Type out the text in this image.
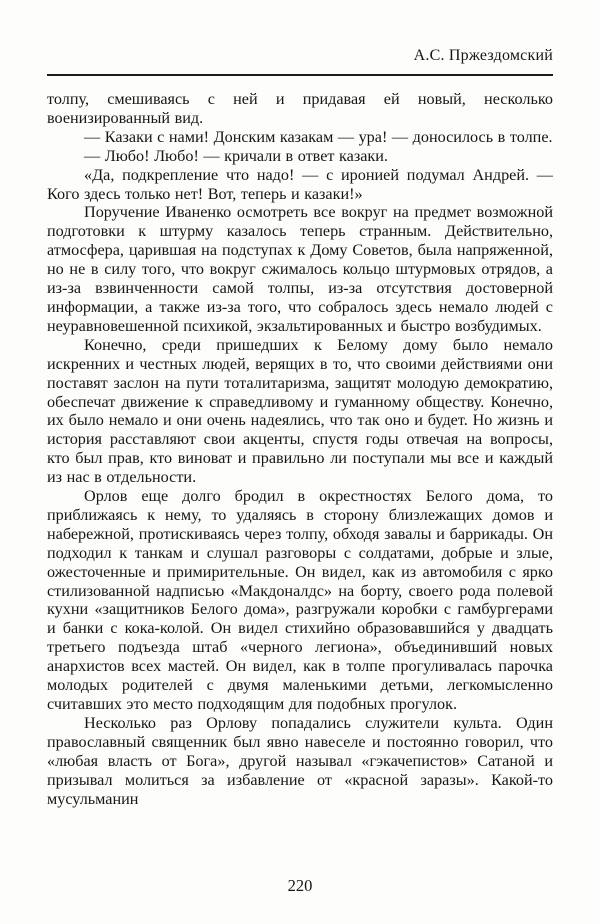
А.С. Пржездомский

толпу, смешиваясь с ней и придавая ей новый, несколько военизированный вид.

— Казаки с нами! Донским казакам — ура! — доносилось в толпе.

— Любо! Любо! — кричали в ответ казаки.

«Да, подкрепление что надо! — с иронией подумал Андрей. — Кого здесь только нет! Вот, теперь и казаки!»

Поручение Иваненко осмотреть все вокруг на предмет возможной подготовки к штурму казалось теперь странным. Действительно, атмосфера, царившая на подступах к Дому Советов, была напряженной, но не в силу того, что вокруг сжималось кольцо штурмовых отрядов, а из-за взвинченности самой толпы, из-за отсутствия достоверной информации, а также из-за того, что собралось здесь немало людей с неуравновешенной психикой, экзальтированных и быстро возбудимых.

Конечно, среди пришедших к Белому дому было немало искренних и честных людей, верящих в то, что своими действиями они поставят заслон на пути тоталитаризма, защитят молодую демократию, обеспечат движение к справедливому и гуманному обществу. Конечно, их было немало и они очень надеялись, что так оно и будет. Но жизнь и история расставляют свои акценты, спустя годы отвечая на вопросы, кто был прав, кто виноват и правильно ли поступали мы все и каждый из нас в отдельности.

Орлов еще долго бродил в окрестностях Белого дома, то приближаясь к нему, то удаляясь в сторону близлежащих домов и набережной, протискиваясь через толпу, обходя завалы и баррикады. Он подходил к танкам и слушал разговоры с солдатами, добрые и злые, ожесточенные и примирительные. Он видел, как из автомобиля с ярко стилизованной надписью «Макдоналдс» на борту, своего рода полевой кухни «защитников Белого дома», разгружали коробки с гамбургерами и банки с кока-колой. Он видел стихийно образовавшийся у двадцать третьего подъезда штаб «черного легиона», объединивший новых анархистов всех мастей. Он видел, как в толпе прогуливалась парочка молодых родителей с двумя маленькими детьми, легкомысленно считавших это место подходящим для подобных прогулок.

Несколько раз Орлову попадались служители культа. Один православный священник был явно навеселе и постоянно говорил, что «любая власть от Бога», другой называл «гэкачепистов» Сатаной и призывал молиться за избавление от «красной заразы». Какой-то мусульманин

220
